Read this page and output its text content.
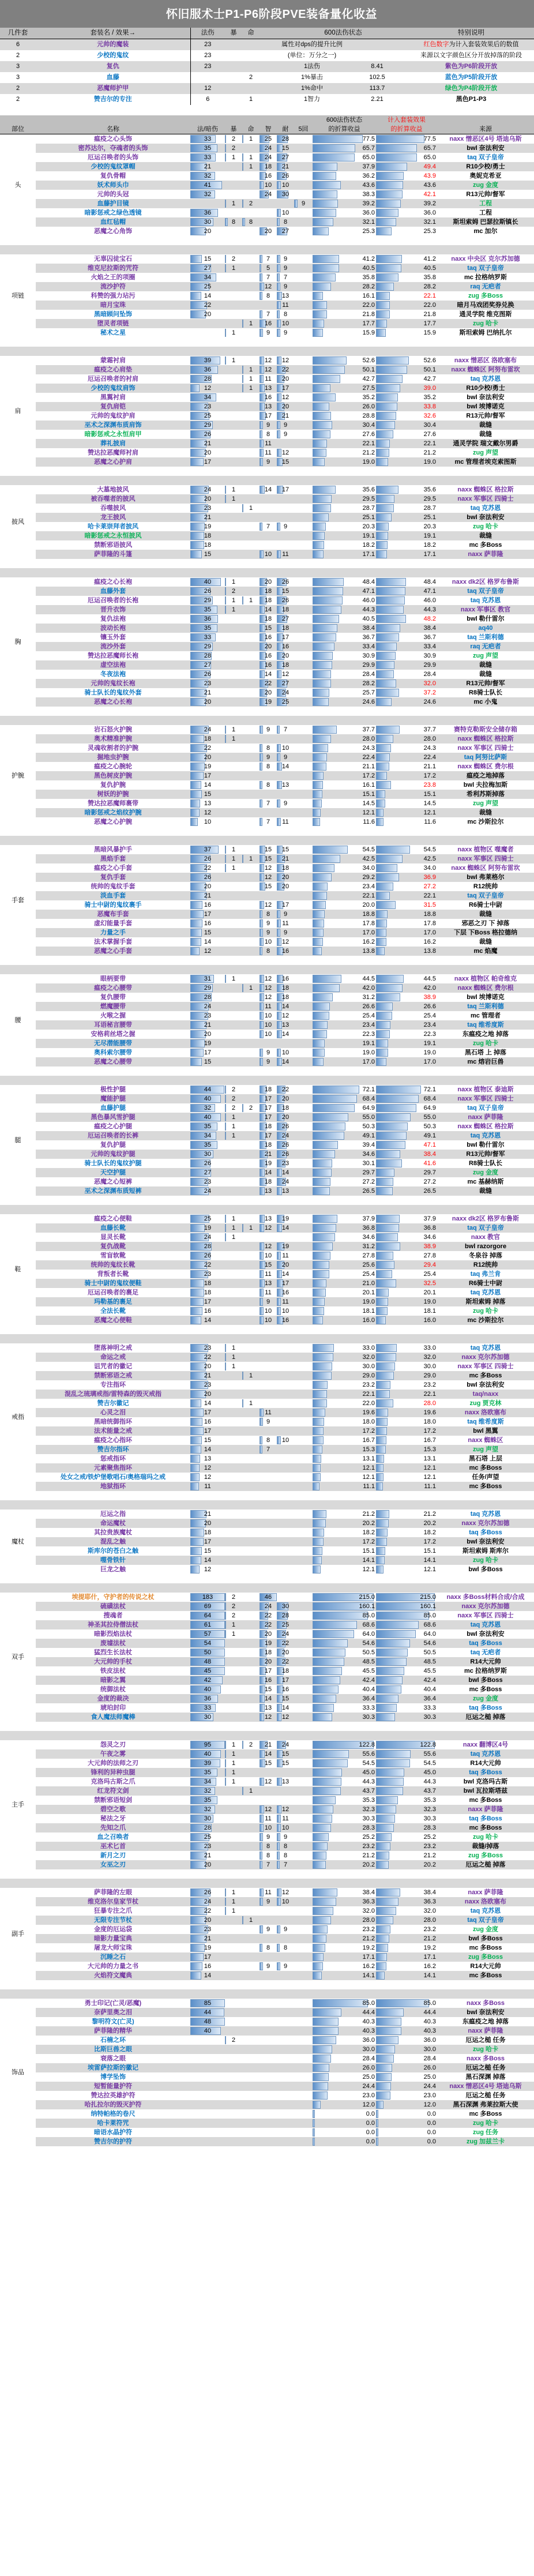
怀旧服术士P1-P6阶段PVE装备量化收益
几件套	套装名 / 效果→	法伤	暴	命		600法伤状态		特别说明
6	元帅的魔装	23				属性对dps的提升比例		红色数字为计入套装效果后的数值
2	少校的鬼纹	23				(单位：万分之一)		来源以文字颜色区分开放掉落的阶段
3	复仇	23				1法伤	8.41	紫色为P6阶段开放
3	血藤			2		1%暴击	102.5	蓝色为P5阶段开放
2	恶魔师护甲	12				1%命中	113.7	绿色为P4阶段开放
2	赞吉尔的专注	6		1		1智力	2.21	黑色P1-P3

								600法伤状态	计入套装效果	
部位	名称	法/暗伤	暴	命	智	耐	5回	的折算收益	的折算收益	来源
头	瘟疫之心头饰	33	2	1	25	28		77.5	77.5	naxx 憎恶区4号 塔迪乌斯
	密苏达尔，夺魂者的头饰	35	2		24	15		65.7	65.7	bwl 奈法利安
	厄运召唤者的头饰	33	1	1	24	27		65.0	65.0	taq 双子皇帝
	少校的鬼纹罩帽	21		1	18	21		37.9	49.4	R10少校/勇士
	复仇骨帽	32			16	26		36.2	43.9	奥妮克希亚
	妖术师头巾	41			10	10		43.6	43.6	zug 金度
	元帅的头冠	32			24	30		38.3	42.1	R13元帅/督军
	血藤护目镜		1	2			9	39.2	39.2	工程
	暗影惩戒之绿色透镜	36				10		36.0	36.0	工程
	血红毡帽	30	8	8		8		32.1	32.1	斯坦索姆 巴瑟拉斯镇长
	恶魔之心角饰	20			20	27		25.3	25.3	mc 加尔

项链	无辜囚徒宝石	15	2		7	9		41.2	41.2	naxx 中央区 克尔苏加德
	维克尼拉斯的咒符	27	1		5	9		40.5	40.5	taq 双子皇帝
	火焰之王的项圈	34			7	7		35.8	35.8	mc 拉格纳罗斯
	流沙护符	25			12	9		28.2	28.2	raq 无疤者
	科赞的强力玷污	14			8	13		16.1	22.1	zug 多Boss
	暗月宝珠	22				11		22.0	22.0	暗月马戏团奖券兑换
	黑暗顾问坠饰	20			7	8		21.8	21.8	通灵学院 维克图斯
	堕灵者项链			1	16	10		17.7	17.7	zug 哈卡
	秘术之星		1		9	9		15.9	15.9	斯坦索姆 巴纳扎尔

肩	蒙霜衬肩	39	1		12	12		52.6	52.6	naxx 憎恶区 洛欧塞布
	瘟疫之心肩垫	36		1	12	22		50.1	50.1	naxx 蜘蛛区 阿努布雷坎
	厄运召唤者的衬肩	28		1	11	20		42.7	42.7	taq 克苏恩
	少校的鬼纹肩饰	12		1	13	17		27.5	39.0	R10少校/勇士
	黑翼衬肩	34			16	12		35.2	35.2	bwl 奈法利安
	复仇肩铠	23			13	20		26.0	33.8	bwl 埃博诺克
	元帅的鬼纹护肩	25			17	21		28.8	32.6	R13元帅/督军
	巫术之深渊布质肩饰	29			9	9		30.4	30.4	裁缝
	暗影惩戒之永恒肩甲	26			8	9		27.6	27.6	裁缝
	葬礼披肩	21			11			22.1	22.1	通灵学院 瑞文戴尔男爵
	赞达拉恶魔师衬肩	20			11	12		21.2	21.2	zug 声望
	恶魔之心护肩	17			9	15		19.0	19.0	mc 管理者埃克索图斯

披风	大墓地披风	24	1		14	17		35.6	35.6	naxx 蜘蛛区 格拉斯
	被吞噬者的披风	20	1					29.5	29.5	naxx 军事区 四骑士
	吞噬披风	23		1				28.7	28.7	taq 克苏恩
	龙王披风	21						25.1	25.1	bwl 奈法利安
	哈卡莱崇拜者披风	19			7	9		20.3	20.3	zug 哈卡
	暗影惩戒之永恒披风	18						19.1	19.1	裁缝
	禁断邪语披风	18						18.2	18.2	mc 多Boss
	萨菲隆的斗篷	15			10	11		17.1	17.1	naxx 萨菲隆

胸	瘟疫之心长袍	40	1		20	26		48.4	48.4	naxx dk2区 格罗布鲁斯
	血藤外套	26	2		18	15		47.1	47.1	taq 双子皇帝
	厄运召唤者的长袍	29	1	1	18	26		46.0	46.0	taq 克苏恩
	晋升衣饰	35	1		14	18		44.3	44.3	naxx 军事区 教官
	复仇法袍	36			18	27		40.5	48.2	bwl 勒什雷尔
	波动长袍	35			15	18		38.4	38.4	aq40
	镶玉外套	33			16	17		36.7	36.7	taq 兰斯利德
	流沙外套	29			20	16		33.4	33.4	raq 无疤者
	赞达拉恶魔师长袍	28			16	20		30.9	30.9	zug 声望
	虚空法袍	27			16	18		29.9	29.9	裁缝
	冬夜法袍	26			14	12		28.4	28.4	裁缝
	元帅的鬼纹长袍	23			22	27		28.2	32.0	R13元帅/督军
	骑士队长的鬼纹外套	21			20	24		25.7	37.2	R8骑士队长
	恶魔之心长袍	20			19	25		24.6	24.6	mc 小鬼

护腕	岩石怒火护腕	24	1		9	7		37.7	37.7	赛特克勒斯安全储存箱
	奥术精准护腕	18	1					28.0	28.0	naxx 蜘蛛区 格拉斯
	灵魂收割者的护腕	22			8	10		24.3	24.3	naxx 军事区 四骑士
	掘地虫护腕	20			9	9		22.4	22.4	taq 阿努比萨斯
	瘟疫之心腕轮	19			8	14		21.1	21.1	naxx 蜘蛛区 费尔根
	黑色树皮护腕	17						17.2	17.2	瘟疫之地掉落
	复仇护腕	14			8	13		16.1	23.8	bwl 夫拉梅加斯
	树妖的护腕	15						15.1	15.1	希利苏斯掉落
	赞达拉恶魔师裹带	13			7	9		14.5	14.5	zug 声望
	暗影惩戒之焰纹护腕	12						12.1	12.1	裁缝
	恶魔之心护腕	10			7	11		11.6	11.6	mc 沙斯拉尔

手套	黑暗风暴护手	37	1		15	15		54.5	54.5	naxx 植物区 噬魔者
	黑焰手套	26	1	1	15	21		42.5	42.5	naxx 军事区 四骑士
	瘟疫之心手套	22	1		12	18		34.0	34.0	naxx 蜘蛛区 阿努布雷坎
	复仇手套	26			12	20		29.2	36.9	bwl 弗莱格尔
	统帅的鬼纹手套	20			15	20		23.4	27.2	R12统帅
	淡血手套	21						22.1	22.1	taq 双子皇帝
	骑士中尉的鬼纹裹手	16			12	17		20.0	31.5	R6骑士中尉
	恶魔布手套	17			8	9		18.8	18.8	裁缝
	虚幻能量手套	16			9	11		17.8	17.8	邪恶之刃 下 掉落
	力量之手	15			9	9		17.0	17.0	下层 下Boss 格拉德纳
	法术掌握手套	14			10	12		16.2	16.2	裁缝
	恶魔之心手套	12			8	16		13.8	13.8	mc 焰魔

腰	眼柄要带	31	1		12	16		44.5	44.5	naxx 植物区 帕奇维克
	瘟疫之心腰带	29		1	12	18		42.0	42.0	naxx 蜘蛛区 费尔根
	复仇腰带	28			12	18		31.2	38.9	bwl 埃博诺克
	燃魔腰带	24			11	14		26.6	26.6	taq 兰斯利德
	火喉之握	23			10	12		25.4	25.4	mc 管理者
	耳语秘言腰带	21			10	13		23.4	23.4	taq 维希度斯
	安格莉丝塔之握	20			10	14		22.3	22.3	东瘟疫之地 掉落
	无尽潜能腰带	19						19.1	19.1	zug 哈卡
	奥科索尔腰带	17			9	10		19.0	19.0	黑石塔 上 掉落
	恶魔之心腰带	15			9	14		17.0	17.0	mc 熔岩巨兽

腿	极性护腿	44	2		18	22		72.1	72.1	naxx 植物区 泰迪斯
	魔能护腿	40	2		17	20		68.4	68.4	naxx 军事区 四骑士
	血藤护腿	32	2	2	17	18		64.9	64.9	taq 双子皇帝
	黑色暴风雪护腿	40	1		17	20		55.0	55.0	naxx 萨菲隆
	瘟疫之心护腿	35	1		18	26		50.3	50.3	naxx 蜘蛛区 格拉斯
	厄运召唤者的长裤	34	1		17	24		49.1	49.1	taq 克苏恩
	复仇护腿	35			18	26		39.4	47.1	bwl 勒什雷尔
	元帅的鬼纹护腿	30			21	26		34.6	38.4	R13元帅/督军
	骑士队长的鬼纹护腿	26			19	23		30.1	41.6	R8骑士队长
	天空护腿	27			14	14		29.7	29.7	zug 金度
	恶魔之心短裤	23			18	24		27.2	27.2	mc 基赫纳斯
	巫术之深渊布质短裤	24			13	13		26.5	26.5	裁缝

鞋	瘟疫之心便鞋	25	1		13	19		37.9	37.9	naxx dk2区 格罗布鲁斯
	血藤长靴	19	1	1	12	14		36.8	36.8	taq 双子皇帝
	显灵长靴	24	1					34.6	34.6	naxx 教官
	复仇战靴	28			12	19		31.2	38.9	bwl razorgore
	雪盲软靴	26			10	11		27.8	27.8	冬泉谷 掉落
	统帅的鬼纹长靴	22			15	20		25.6	29.4	R12统帅
	背叛者长靴	23			11	14		25.4	25.4	taq 弗兰肯
	骑士中尉的鬼纹便鞋	18			13	17		21.0	32.5	R6骑士中尉
	厄运召唤者的裹足	18			11	16		20.1	20.1	taq 克苏恩
	玛勒基的裹足	17			9	11		19.0	19.0	斯坦索姆 掉落
	全法长靴	16			10	10		18.1	18.1	zug 哈卡
	恶魔之心便鞋	14			10	16		16.0	16.0	mc 沙斯拉尔

戒指	堕落神明之戒	23	1					33.0	33.0	taq 克苏恩
	命运之戒	22	1					32.0	32.0	naxx 克尔苏加德
	诅咒者的徽记	20	1					30.0	30.0	naxx 军事区 四骑士
	禁断邪语之戒	21		1				29.0	29.0	mc 多Boss
	专注指环	23						23.2	23.2	bwl 奈法利安
	混乱之琉璃戒指/雷特森的毁灭戒指	20						22.1	22.1	taq/naxx
	赞吉尔徽记	14		1				22.0	28.0	zug 贾克林
	心灵之泪	17			11			19.6	19.6	naxx 洛欧塞布
	黑暗统御指环	16			9			18.0	18.0	taq 维希度斯
	法术能量之戒	17						17.2	17.2	bwl 黑翼
	瘟疫之心指环	15			8	10		16.7	16.7	naxx 蜘蛛区
	赞吉尔指环	14			7			15.3	15.3	zug 声望
	惩戒指环	13						13.1	13.1	黑石塔 上层
	元素聚焦指环	12						12.1	12.1	mc 多Boss
	处女之戒/铁炉堡歌唱石/奥格瑞玛之戒	12						12.1	12.1	任务/声望
	地狱指环	11						11.1	11.1	mc 多Boss

魔杖	厄运之指	21						21.2	21.2	taq 克苏恩
	命运魔杖	20						20.2	20.2	naxx 克尔苏加德
	其拉贵族魔杖	18						18.2	18.2	taq 多Boss
	混乱之触	17						17.2	17.2	bwl 奈法利安
	斯库尔的苍白之触	15						15.1	15.1	斯坦索姆 斯库尔
	噬骨铁针	14						14.1	14.1	zug 哈卡
	巨龙之触	12						12.1	12.1	bwl 多Boss

双手	埃提耶什，守护者的传说之杖	183	2		46			215.0	215.0	naxx 多Boss材料合成/合成
	硫磺法杖	69	2		24	30		160.1	160.1	naxx 克尔苏加德
	搜魂者	64	2		22	28		85.0	85.0	naxx 军事区 四骑士
	神圣其拉侍僧法杖	61	1		22	25		68.6	68.6	taq 克苏恩
	暗影烈焰法杖	57	1		20	24		64.0	64.0	bwl 奈法利安
	废墟法杖	54			19	22		54.6	54.6	taq 多Boss
	猛烈生长法杖	50			18	20		50.5	50.5	taq 无疤者
	大元帅的手杖	48			20	22		48.5	48.5	R14大元帅
	铁皮法杖	45			17	18		45.5	45.5	mc 拉格纳罗斯
	暗影之翼	42			16	17		42.4	42.4	bwl 多Boss
	统御法杖	40			15	16		40.4	40.4	mc 多Boss
	金度的裁决	36			14	15		36.4	36.4	zug 金度
	琥珀封印	33			13	14		33.3	33.3	taq 多Boss
	食人魔法师魔棒	30			12	12		30.3	30.3	厄运之槌 掉落

主手	怨灵之刃	95	1	2	21	24		122.8	122.8	naxx 翻博区4号
	午夜之雾	40	1		14	15		55.6	55.6	taq 克苏恩
	大元帅的法师之刃	39	1		15	15		54.5	54.5	R14大元帅
	锋利的异种虫腿	35	1					45.0	45.0	taq 多Boss
	克洛玛古斯之爪	34	1		12	13		44.3	44.3	bwl 克洛玛古斯
	红龙符文剑	32		1				43.7	43.7	bwl 瓦拉斯塔兹
	禁断邪语短剑	35						35.3	35.3	mc 多Boss
	碧空之歌	32			12	12		32.3	32.3	naxx 萨菲隆
	秘法之牙	30			11	11		30.3	30.3	taq 多Boss
	先知之爪	28			10	10		28.3	28.3	mc 多Boss
	血之召唤者	25			9	9		25.2	25.2	zug 哈卡
	巫术匕首	23			8	8		23.2	23.2	裁缝/掉落
	新月之刃	21			8	8		21.2	21.2	zug 多Boss
	女巫之刃	20			7	7		20.2	20.2	厄运之槌 掉落

副手	萨菲隆的左眼	26	1		11	12		38.4	38.4	naxx 萨菲隆
	维克洛尔皇家节杖	24	1		9	10		36.3	36.3	naxx 洛欧塞布
	狂暴专注之爪	22	1					32.0	32.0	taq 克苏恩
	无限专注节杖	20		1				28.0	28.0	taq 双子皇帝
	金度的厄运袋	23			9	9		23.2	23.2	zug 金度
	暗影力量宝典	21						21.2	21.2	bwl 多Boss
	屠龙大师宝珠	19			8	8		19.2	19.2	mc 多Boss
	沉睡之石	17						17.1	17.1	zug 多Boss
	大元帅的力量之书	16			9	9		16.2	16.2	R14大元帅
	火焰符文魔典	14						14.1	14.1	mc 多Boss

饰品	勇士印记(亡灵/恶魔)	85						85.0	85.0	naxx 多Boss
	奈萨里奥之泪	44						44.4	44.4	bwl 奈法利安
	黎明符文(亡灵)	48						40.3	40.3	东瘟疫之地 掉落
	萨菲隆的精华	40						40.3	40.3	naxx 萨菲隆
	石楠之环		2					36.0	36.0	厄运之槌 任务
	比斯巨兽之眼							30.0	30.0	zug 哈卡
	衰落之眼							28.4	28.4	naxx 多Boss
	埃雷萨拉斯的徽记							26.0	26.0	厄运之槌 任务
	博学坠饰							25.0	25.0	黑石深渊 掉落
	短暂能量护符							24.4	24.4	naxx 憎恶区4号 塔迪乌斯
	赞达拉英雄护符							23.0	23.0	厄运之槌 任务
	哈扎拉尔的毁灭护符							12.0	12.0	黑石深渊 弗莱拉斯大使
	纳特帕格的卷尺							0.0	0.0	mc 多Boss
	哈卡莱符咒							0.0	0.0	zug 哈卡
	暗语水晶护符							0.0	0.0	zug 任务
	赞吉尔的护符							0.0	0.0	zug 加兹兰卡
